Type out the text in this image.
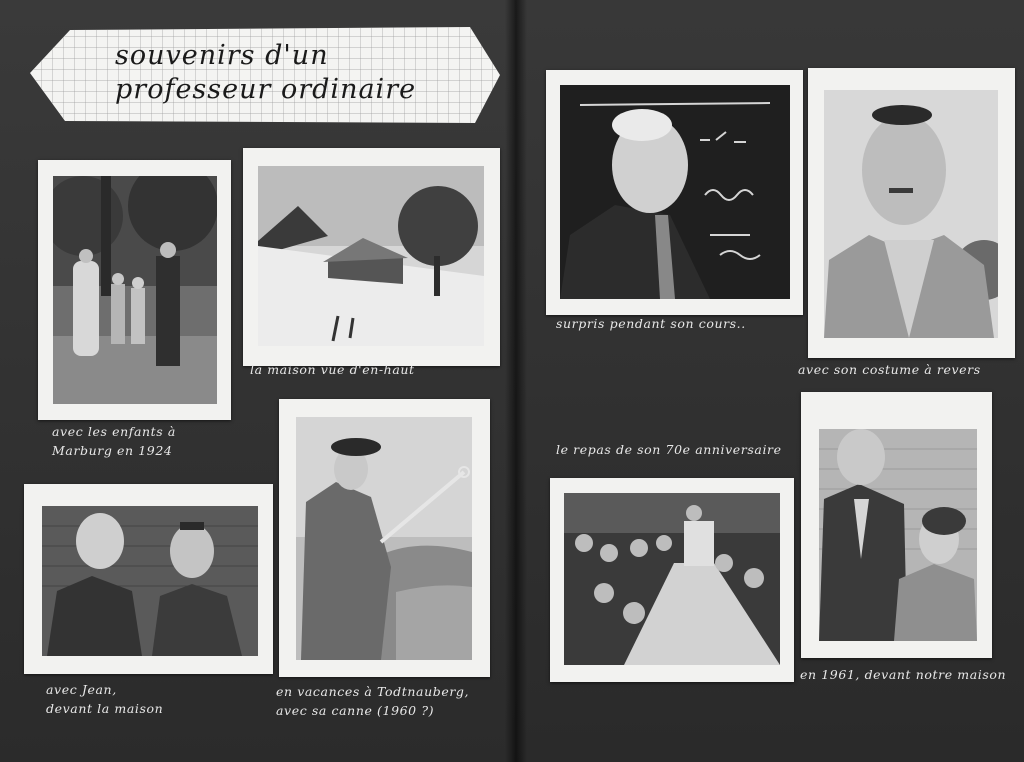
souvenirs d'un
professeur ordinaire
avec les enfants à
Marburg en 1924
la maison vue d'en-haut
avec Jean,
devant la maison
en vacances à Todtnauberg,
avec sa canne (1960 ?)
surpris pendant son cours..
avec son costume à revers
le repas de son 70e anniversaire
en 1961, devant notre maison
